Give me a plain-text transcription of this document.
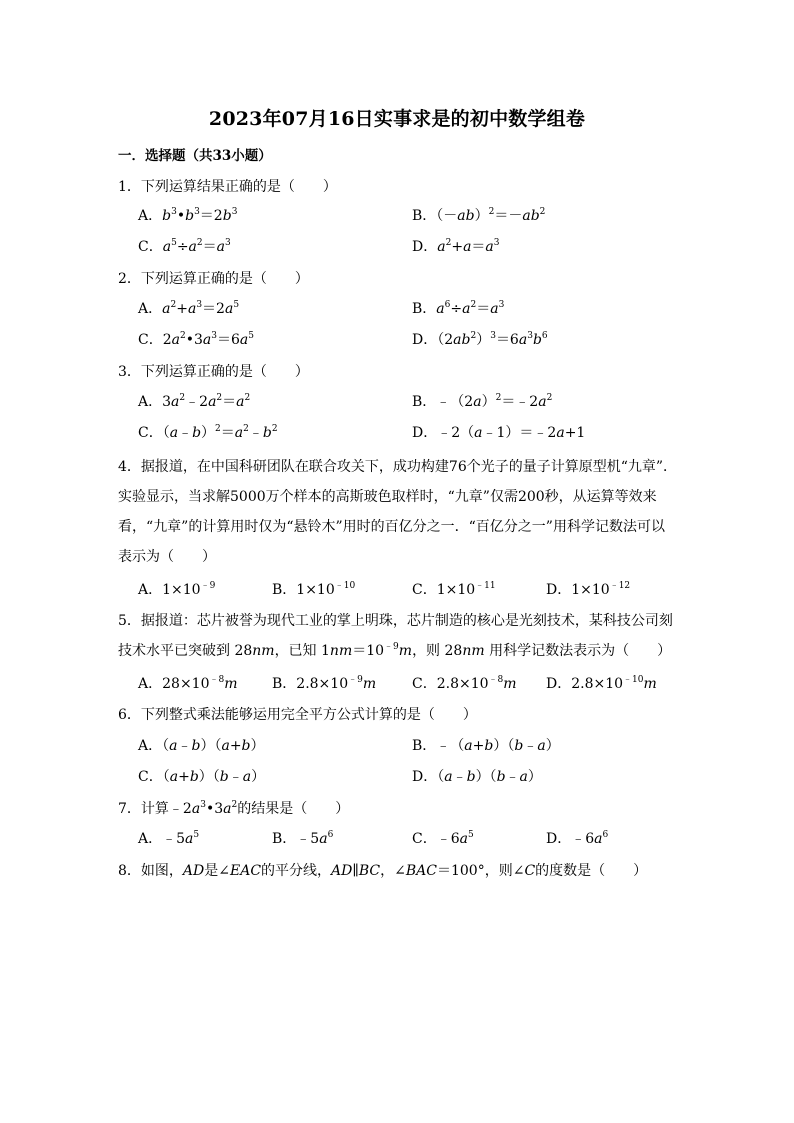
2023年07月16日实事求是的初中数学组卷
一．选择题（共33小题）
1．下列运算结果正确的是（　　）
A．$b^3•b^3=2b^3$	B．$(-ab)^2=-ab^2$
C．$a^5\div a^2=a^3$	D．$a^2+a=a^3$
2．下列运算正确的是（　　）
A．$a^2+a^3=2a^5$	B．$a^6\div a^2=a^3$
C．$2a^2•3a^3=6a^5$	D．$(2ab^2)^3=6a^3b^6$
3．下列运算正确的是（　　）
A．$3a^2﹣2a^2=a^2$	B．$﹣(2a)^2=﹣2a^2$
C．$(a﹣b)^2=a^2﹣b^2$	D．﹣2（a﹣1）＝﹣2a+1
4．据报道，在中国科研团队在联合攻关下，成功构建76个光子的量子计算原型机“九章”．实验显示，当求解5000万个样本的高斯玻色取样时，“九章”仅需200秒，从运算等效来看，“九章”的计算用时仅为“悬铃木”用时的百亿分之一．“百亿分之一”用科学记数法可以表示为（　　）
A．$1\times 10^{﹣9}$	B．$1\times 10^{﹣10}$	C．$1\times 10^{﹣11}$	D．$1\times 10^{﹣12}$
5．据报道：芯片被誉为现代工业的掌上明珠，芯片制造的核心是光刻技术，某科技公司刻技术水平已突破到 28nm，已知 $1nm=10^{﹣9}m$，则 28nm 用科学记数法表示为（　　）
A．$28\times 10^{﹣8}m$ B．$2.8\times 10^{﹣9}m$	C．$2.8\times 10^{﹣8}m$ D．$2.8\times 10^{﹣10}m$
6．下列整式乘法能够运用完全平方公式计算的是（　　）
A．（a﹣b）（a+b）	B．﹣（a+b）（b﹣a）
C．（a+b）（b﹣a）	D．（a﹣b）（b﹣a）
7．计算$﹣2a^3•3a^2$的结果是（　　）
A．$﹣5a^5$	B．$﹣5a^6$	C．$﹣6a^5$	D．$﹣6a^6$
8．如图，AD是∠EAC的平分线，AD∥BC，∠BAC＝100°，则∠C的度数是（　　）
